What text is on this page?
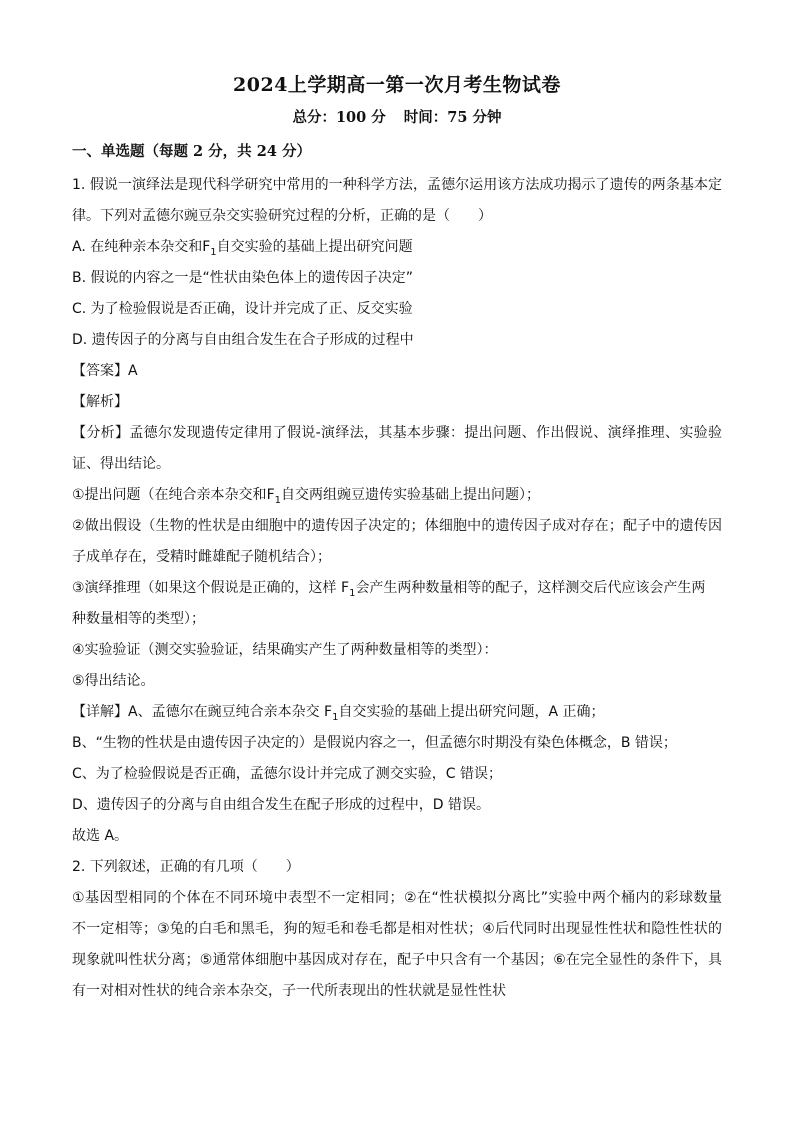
2024上学期高一第一次月考生物试卷
总分：100 分 时间：75 分钟
一、单选题（每题 2 分，共 24 分）
1. 假说一演绎法是现代科学研究中常用的一种科学方法，孟德尔运用该方法成功揭示了遗传的两条基本定
律。下列对孟德尔豌豆杂交实验研究过程的分析，正确的是（　　）
A. 在纯种亲本杂交和$F_1$自交实验的基础上提出研究问题
B. 假说的内容之一是“性状由染色体上的遗传因子决定”
C. 为了检验假说是否正确，设计并完成了正、反交实验
D. 遗传因子的分离与自由组合发生在合子形成的过程中
【答案】A
【解析】
【分析】孟德尔发现遗传定律用了假说-演绎法，其基本步骤：提出问题、作出假说、演绎推理、实验验
证、得出结论。
①提出问题（在纯合亲本杂交和$F_1$自交两组豌豆遗传实验基础上提出问题）；
②做出假设（生物的性状是由细胞中的遗传因子决定的；体细胞中的遗传因子成对存在；配子中的遗传因
子成单存在，受精时雌雄配子随机结合）；
③演绎推理（如果这个假说是正确的，这样 $F_1$会产生两种数量相等的配子，这样测交后代应该会产生两
种数量相等的类型）；
④实验验证（测交实验验证，结果确实产生了两种数量相等的类型）：
⑤得出结论。
【详解】A、孟德尔在豌豆纯合亲本杂交 $F_1$自交实验的基础上提出研究问题，A 正确；
B、“生物的性状是由遗传因子决定的）是假说内容之一，但孟德尔时期没有染色体概念，B 错误；
C、为了检验假说是否正确，孟德尔设计并完成了测交实验，C 错误；
D、遗传因子的分离与自由组合发生在配子形成的过程中，D 错误。
故选 A。
2. 下列叙述，正确的有几项（　　）
①基因型相同的个体在不同环境中表型不一定相同；②在“性状模拟分离比”实验中两个桶内的彩球数量
不一定相等；③兔的白毛和黑毛，狗的短毛和卷毛都是相对性状；④后代同时出现显性性状和隐性性状的
现象就叫性状分离；⑤通常体细胞中基因成对存在，配子中只含有一个基因；⑥在完全显性的条件下，具
有一对相对性状的纯合亲本杂交，子一代所表现出的性状就是显性性状
